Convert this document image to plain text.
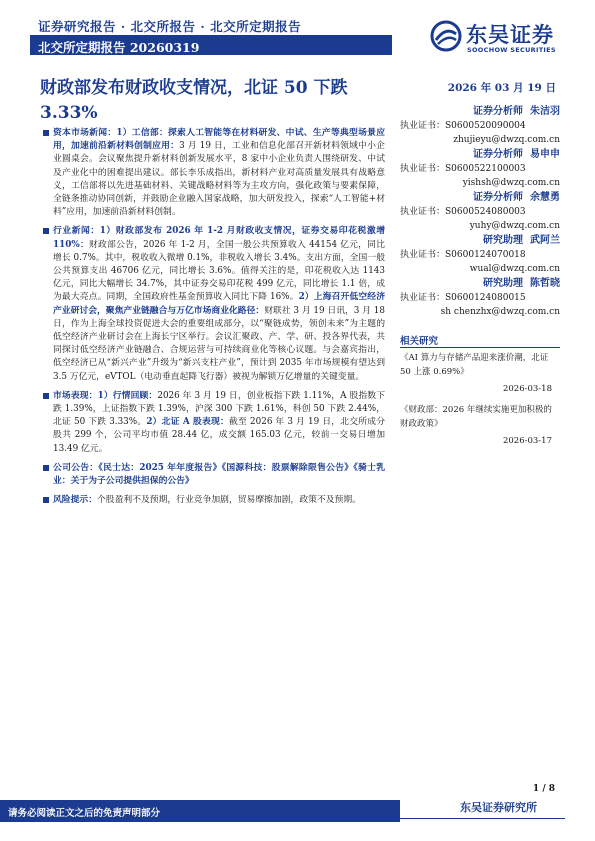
证券研究报告 · 北交所报告 · 北交所定期报告
北交所定期报告 20260319
东吴证券
SOOCHOW SECURITIES
财政部发布财政收支情况，北证 50 下跌 3.33%
2026 年 03 月 19 日
资本市场新闻：1）工信部：探索人工智能等在材料研发、中试、生产等典型场景应用，加速前沿新材料创制应用：3 月 19 日，工业和信息化部召开新材料领域中小企业圆桌会。会议聚焦提升新材料创新发展水平，8 家中小企业负责人围绕研发、中试及产业化中的困难提出建议。部长李乐成指出，新材料产业对高质量发展具有战略意义，工信部将以先进基础材料、关键战略材料等为主攻方向，强化政策与要素保障，全链条推动协同创新，并鼓励企业融入国家战略，加大研发投入，探索“人工智能+材料”应用，加速前沿新材料创制。
行业新闻：1）财政部发布 2026 年 1-2 月财政收支情况，证券交易印花税激增 110%：财政部公告，2026 年 1-2 月，全国一般公共预算收入 44154 亿元，同比增长 0.7%。其中，税收收入微增 0.1%，非税收入增长 3.4%。支出方面，全国一般公共预算支出 46706 亿元，同比增长 3.6%。值得关注的是，印花税收入达 1143 亿元，同比大幅增长 34.7%，其中证券交易印花税 499 亿元，同比增长 1.1 倍，成为最大亮点。同期，全国政府性基金预算收入同比下降 16%。2）上海召开低空经济产业研讨会，聚焦产业链融合与万亿市场商业化路径：财联社 3 月 19 日讯，3 月 18 日，作为上海全球投资促进大会的重要组成部分，以“聚链成势，领创未来”为主题的低空经济产业研讨会在上海长宁区举行。会议汇聚政、产、学、研、投各界代表，共同探讨低空经济产业链融合、合规运营与可持续商业化等核心议题。与会嘉宾指出，低空经济已从“新兴产业”升级为“新兴支柱产业”，预计到 2035 年市场规模有望达到 3.5 万亿元，eVTOL（电动垂直起降飞行器）被视为解锁万亿增量的关键变量。
市场表现：1）行情回顾：2026 年 3 月 19 日，创业板指下跌 1.11%，A 股指数下跌 1.39%，上证指数下跌 1.39%，沪深 300 下跌 1.61%，科创 50 下跌 2.44%，北证 50 下跌 3.33%。2）北证 A 股表现：截至 2026 年 3 月 19 日，北交所成分股共 299 个，公司平均市值 28.44 亿，成交额 165.03 亿元，较前一交易日增加 13.49 亿元。
公司公告：《民士达：2025 年年度报告》《国源科技：股票解除限售公告》《骑士乳业：关于为子公司提供担保的公告》
风险提示：个股盈利不及预期，行业竞争加剧，贸易摩擦加剧，政策不及预期。
证券分析师 朱洁羽
执业证书：S0600520090004
zhujieyu@dwzq.com.cn
证券分析师 易申申
执业证书：S0600522100003
yishsh@dwzq.com.cn
证券分析师 余慧勇
执业证书：S0600524080003
yuhy@dwzq.com.cn
研究助理 武阿兰
执业证书：S0600124070018
wual@dwzq.com.cn
研究助理 陈哲晓
执业证书：S0600124080015
sh chenzhx@dwzq.com.cn
相关研究
《AI 算力与存储产品迎来涨价潮，北证 50 上涨 0.69%》
2026-03-18
《财政部：2026 年继续实施更加积极的财政政策》
2026-03-17
1 / 8
请务必阅读正文之后的免责声明部分	东吴证券研究所
